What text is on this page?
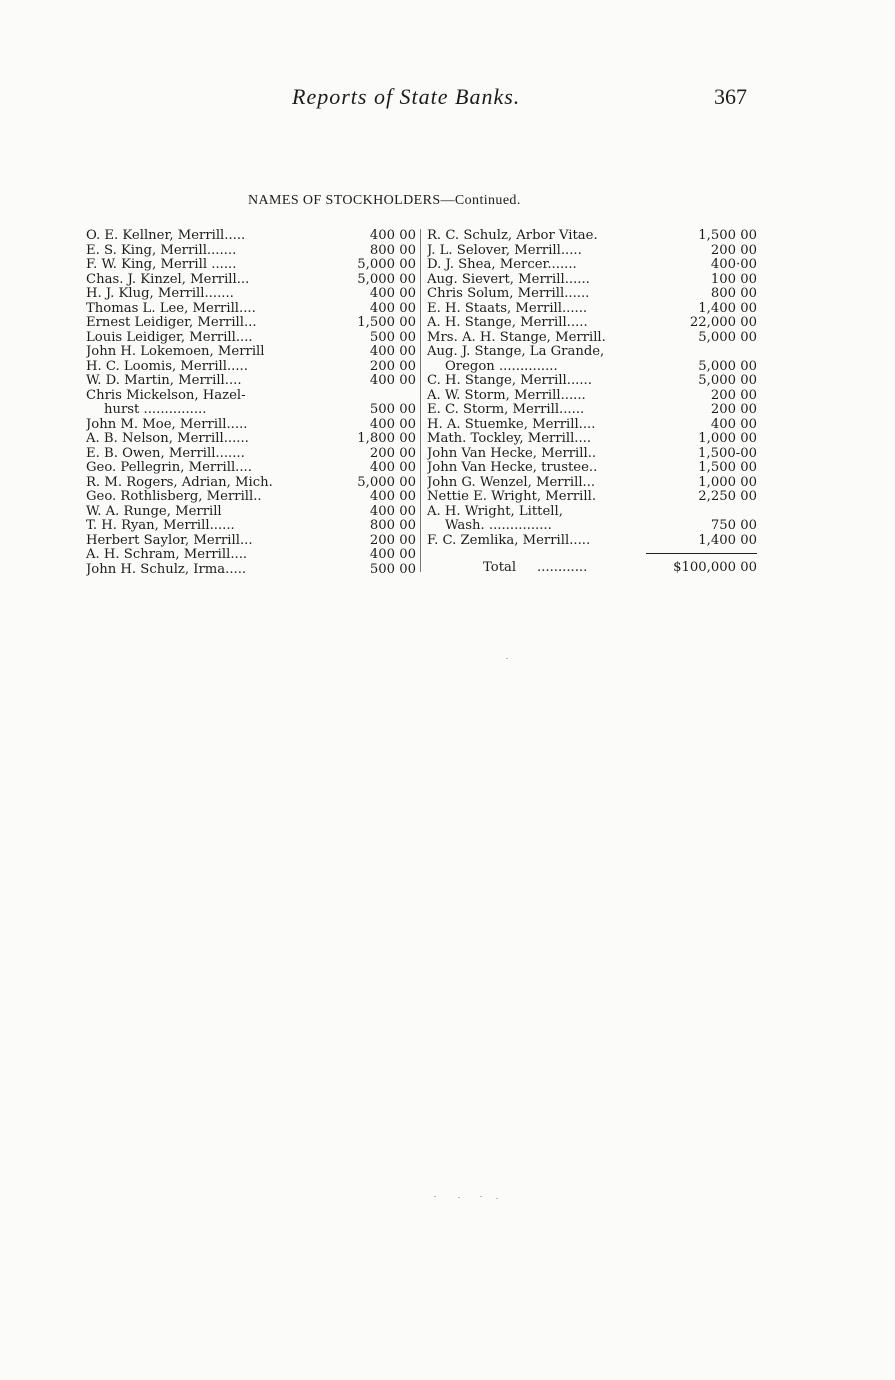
Reports of State Banks.	367
NAMES OF STOCKHOLDERS—Continued.
O. E. Kellner, Merrill.....	400 00
E. S. King, Merrill.......	800 00
F. W. King, Merrill ......	5,000 00
Chas. J. Kinzel, Merrill...	5,000 00
H. J. Klug, Merrill.......	400 00
Thomas L. Lee, Merrill....	400 00
Ernest Leidiger, Merrill...	1,500 00
Louis Leidiger, Merrill....	500 00
John H. Lokemoen, Merrill	400 00
H. C. Loomis, Merrill.....	200 00
W. D. Martin, Merrill....	400 00
Chris Mickelson, Hazel-
hurst ...............	500 00
John M. Moe, Merrill.....	400 00
A. B. Nelson, Merrill......	1,800 00
E. B. Owen, Merrill.......	200 00
Geo. Pellegrin, Merrill....	400 00
R. M. Rogers, Adrian, Mich.	5,000 00
Geo. Rothlisberg, Merrill..	400 00
W. A. Runge, Merrill	400 00
T. H. Ryan, Merrill......	800 00
Herbert Saylor, Merrill...	200 00
A. H. Schram, Merrill....	400 00
John H. Schulz, Irma.....	500 00
R. C. Schulz, Arbor Vitae.	1,500 00
J. L. Selover, Merrill.....	200 00
D. J. Shea, Mercer.......	400·00
Aug. Sievert, Merrill......	100 00
Chris Solum, Merrill......	800 00
E. H. Staats, Merrill......	1,400 00
A. H. Stange, Merrill.....	22,000 00
Mrs. A. H. Stange, Merrill.	5,000 00
Aug. J. Stange, La Grande,
Oregon ..............	5,000 00
C. H. Stange, Merrill......	5,000 00
A. W. Storm, Merrill......	200 00
E. C. Storm, Merrill......	200 00
H. A. Stuemke, Merrill....	400 00
Math. Tockley, Merrill....	1,000 00
John Van Hecke, Merrill..	1,500-00
John Van Hecke, trustee..	1,500 00
John G. Wenzel, Merrill...	1,000 00
Nettie E. Wright, Merrill.	2,250 00
A. H. Wright, Littell,
Wash. ...............	750 00
F. C. Zemlika, Merrill.....	1,400 00
Total ............	$100,000 00
